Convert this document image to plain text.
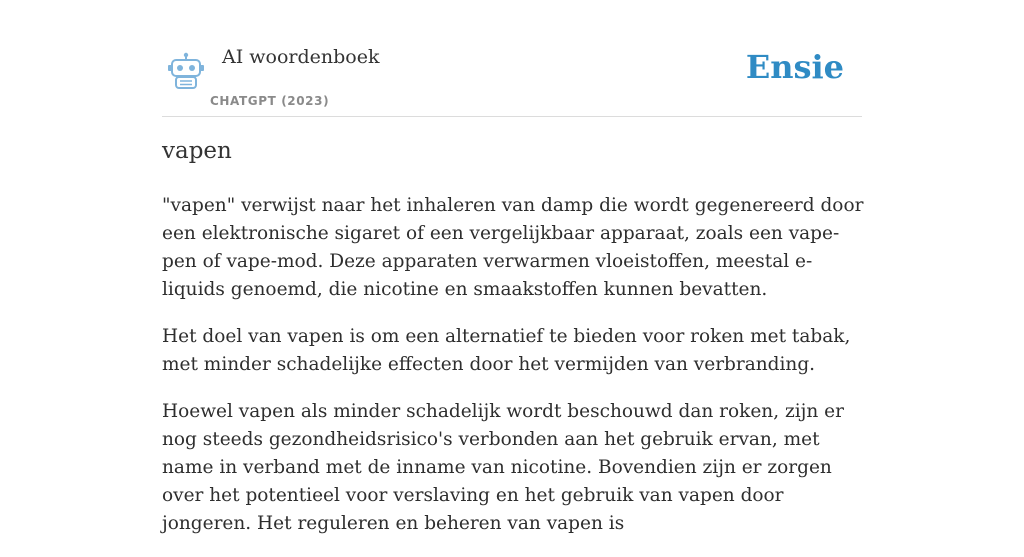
AI woordenboek
CHATGPT (2023)
Ensie
vapen

"vapen" verwijst naar het inhaleren van damp die wordt gegenereerd door een elektronische sigaret of een vergelijkbaar apparaat, zoals een vape-pen of vape-mod. Deze apparaten verwarmen vloeistoffen, meestal e-liquids genoemd, die nicotine en smaakstoffen kunnen bevatten.

Het doel van vapen is om een alternatief te bieden voor roken met tabak, met minder schadelijke effecten door het vermijden van verbranding.

Hoewel vapen als minder schadelijk wordt beschouwd dan roken, zijn er nog steeds gezondheidsrisico's verbonden aan het gebruik ervan, met name in verband met de inname van nicotine. Bovendien zijn er zorgen over het potentieel voor verslaving en het gebruik van vapen door jongeren. Het reguleren en beheren van vapen is
